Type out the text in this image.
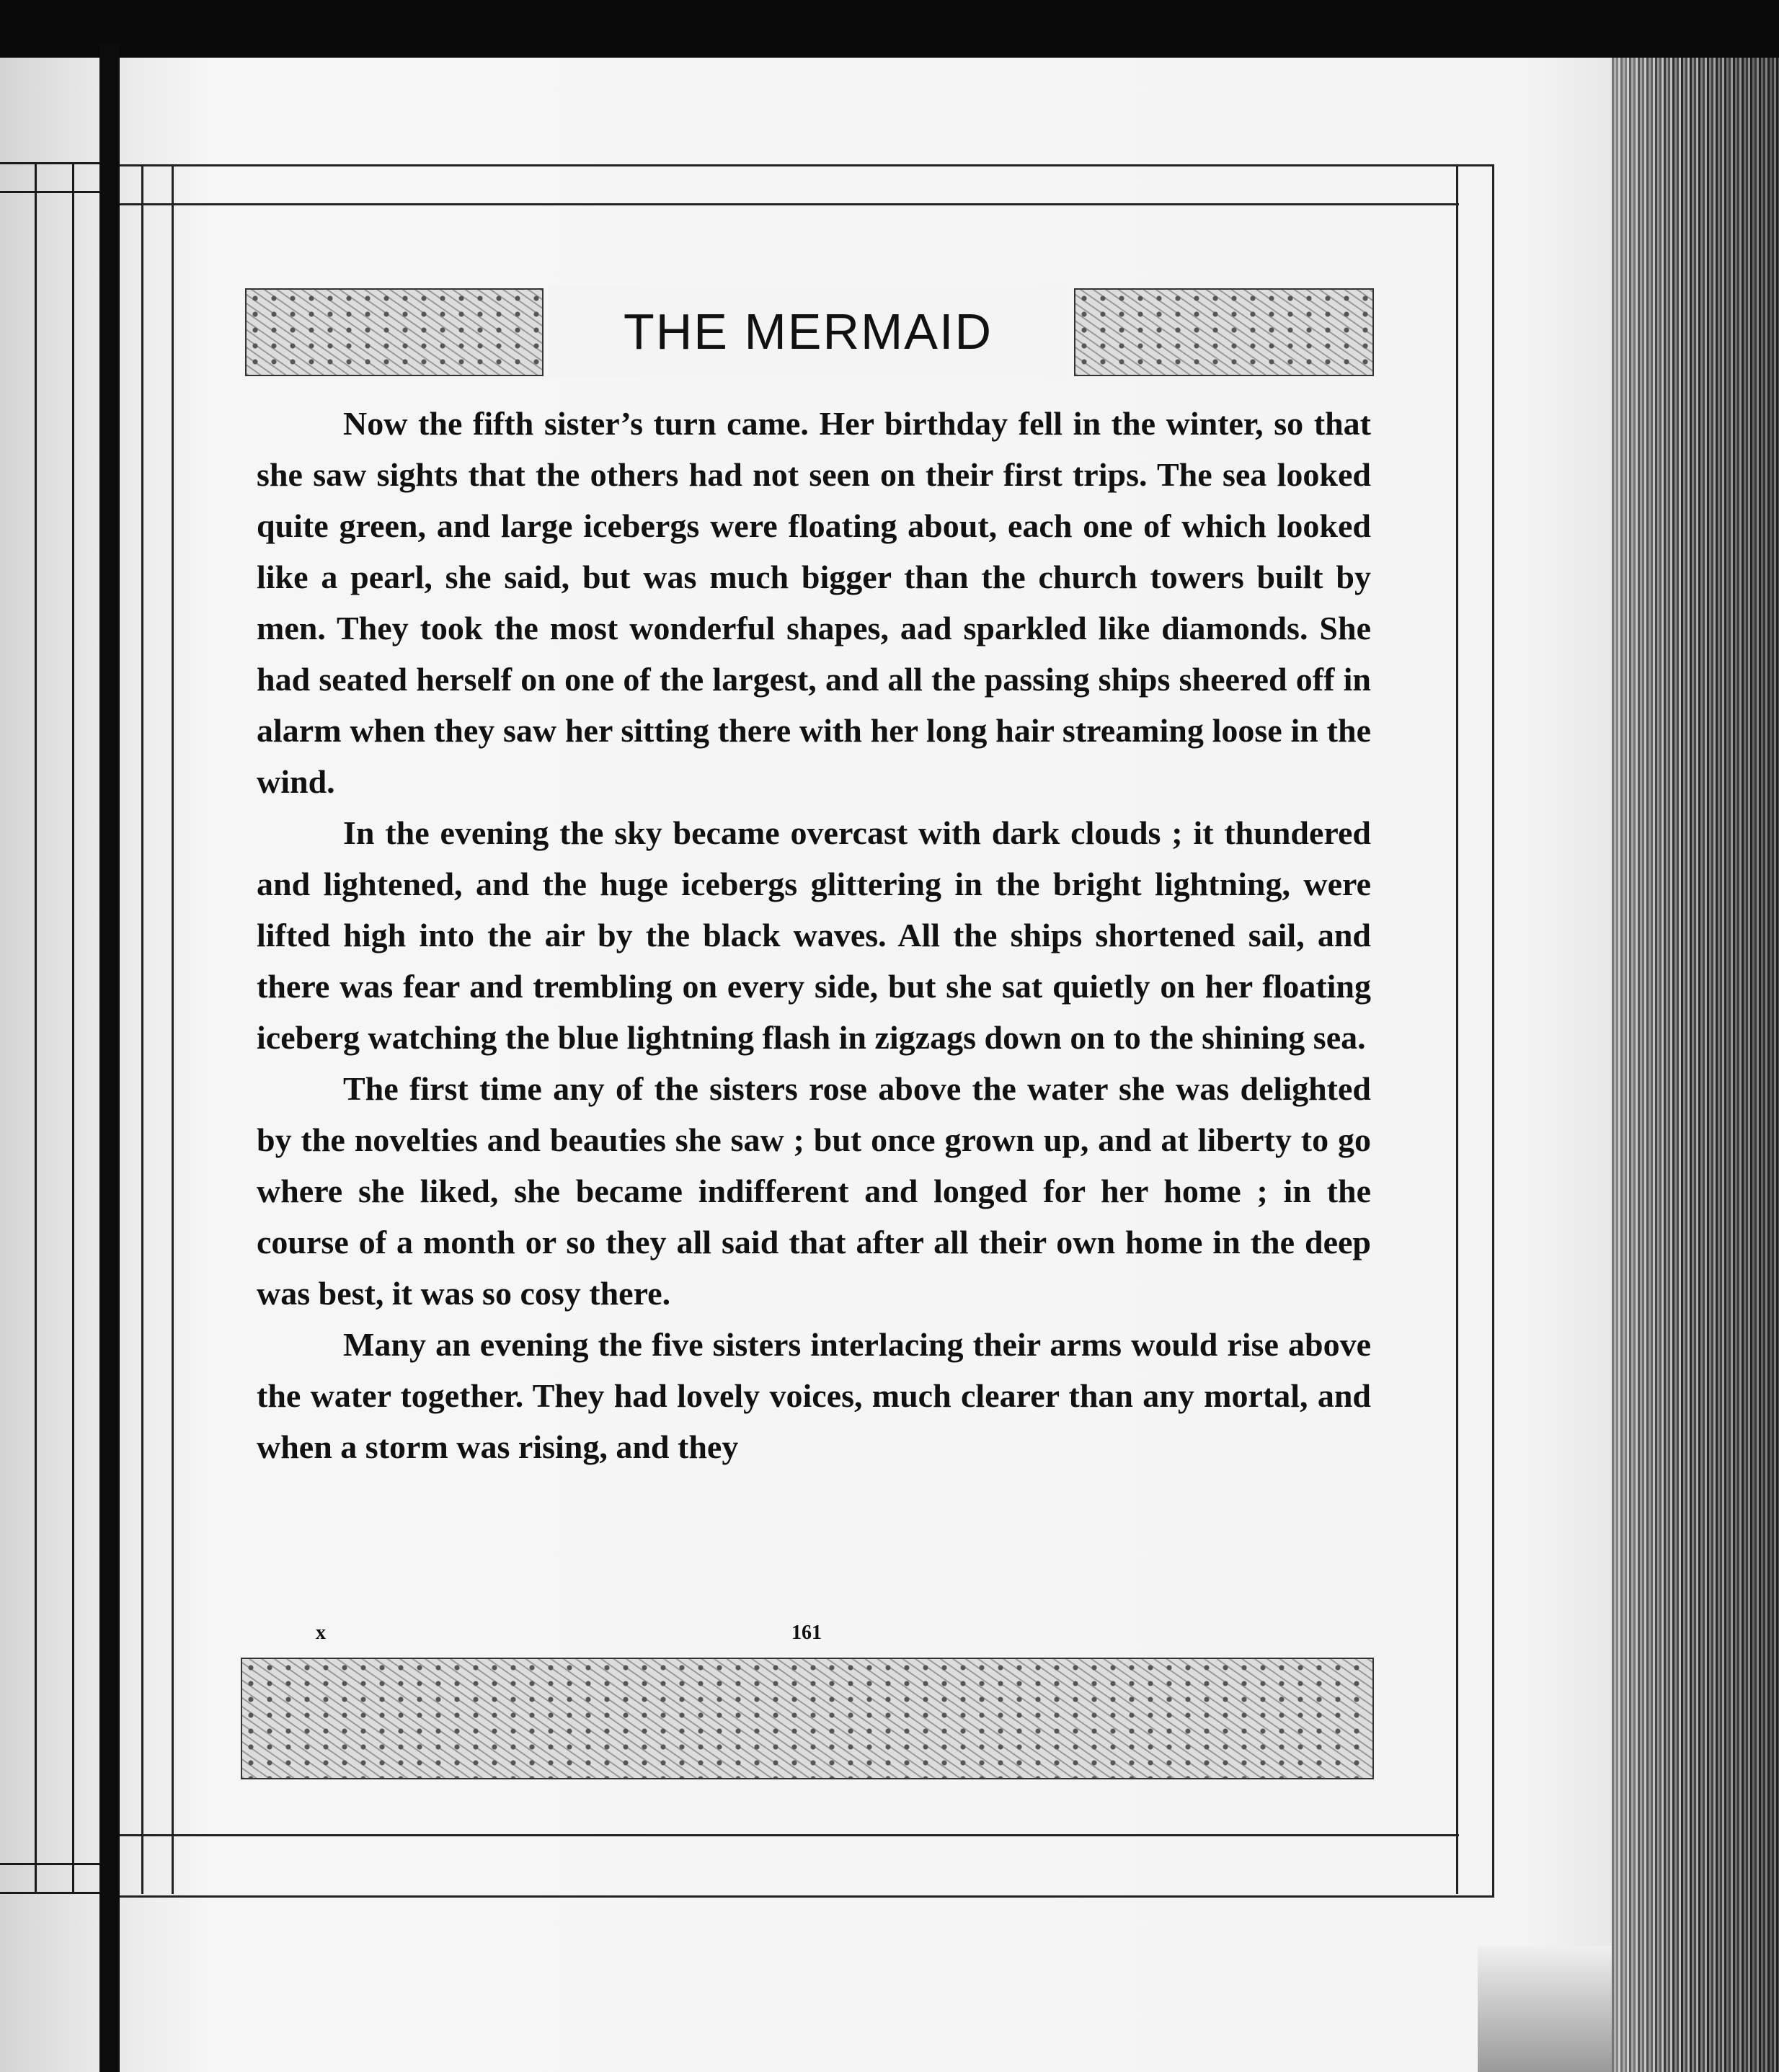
THE MERMAID

Now the fifth sister’s turn came. Her birthday fell in the winter, so that she saw sights that the others had not seen on their first trips. The sea looked quite green, and large icebergs were floating about, each one of which looked like a pearl, she said, but was much bigger than the church towers built by men. They took the most wonderful shapes, aad sparkled like diamonds. She had seated herself on one of the largest, and all the passing ships sheered off in alarm when they saw her sitting there with her long hair streaming loose in the wind.

In the evening the sky became overcast with dark clouds ; it thundered and lightened, and the huge icebergs glittering in the bright lightning, were lifted high into the air by the black waves. All the ships shortened sail, and there was fear and trembling on every side, but she sat quietly on her floating iceberg watching the blue lightning flash in zigzags down on to the shining sea.

The first time any of the sisters rose above the water she was delighted by the novelties and beauties she saw ; but once grown up, and at liberty to go where she liked, she became indifferent and longed for her home ; in the course of a month or so they all said that after all their own home in the deep was best, it was so cosy there.

Many an evening the five sisters interlacing their arms would rise above the water together. They had lovely voices, much clearer than any mortal, and when a storm was rising, and they

x	161
